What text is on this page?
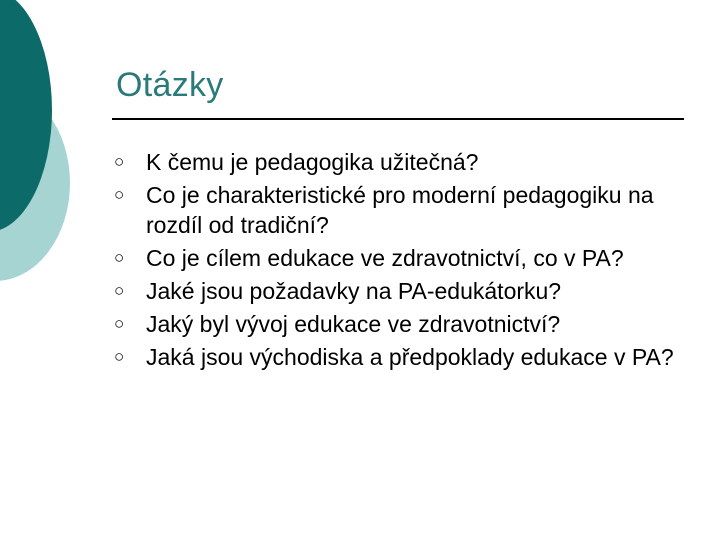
Otázky
○ K čemu je pedagogika užitečná?
○ Co je charakteristické pro moderní pedagogiku na rozdíl od tradiční?
○ Co je cílem edukace ve zdravotnictví, co v PA?
○ Jaké jsou požadavky na PA-edukátorku?
○ Jaký byl vývoj edukace ve zdravotnictví?
○ Jaká jsou východiska a předpoklady edukace v PA?
